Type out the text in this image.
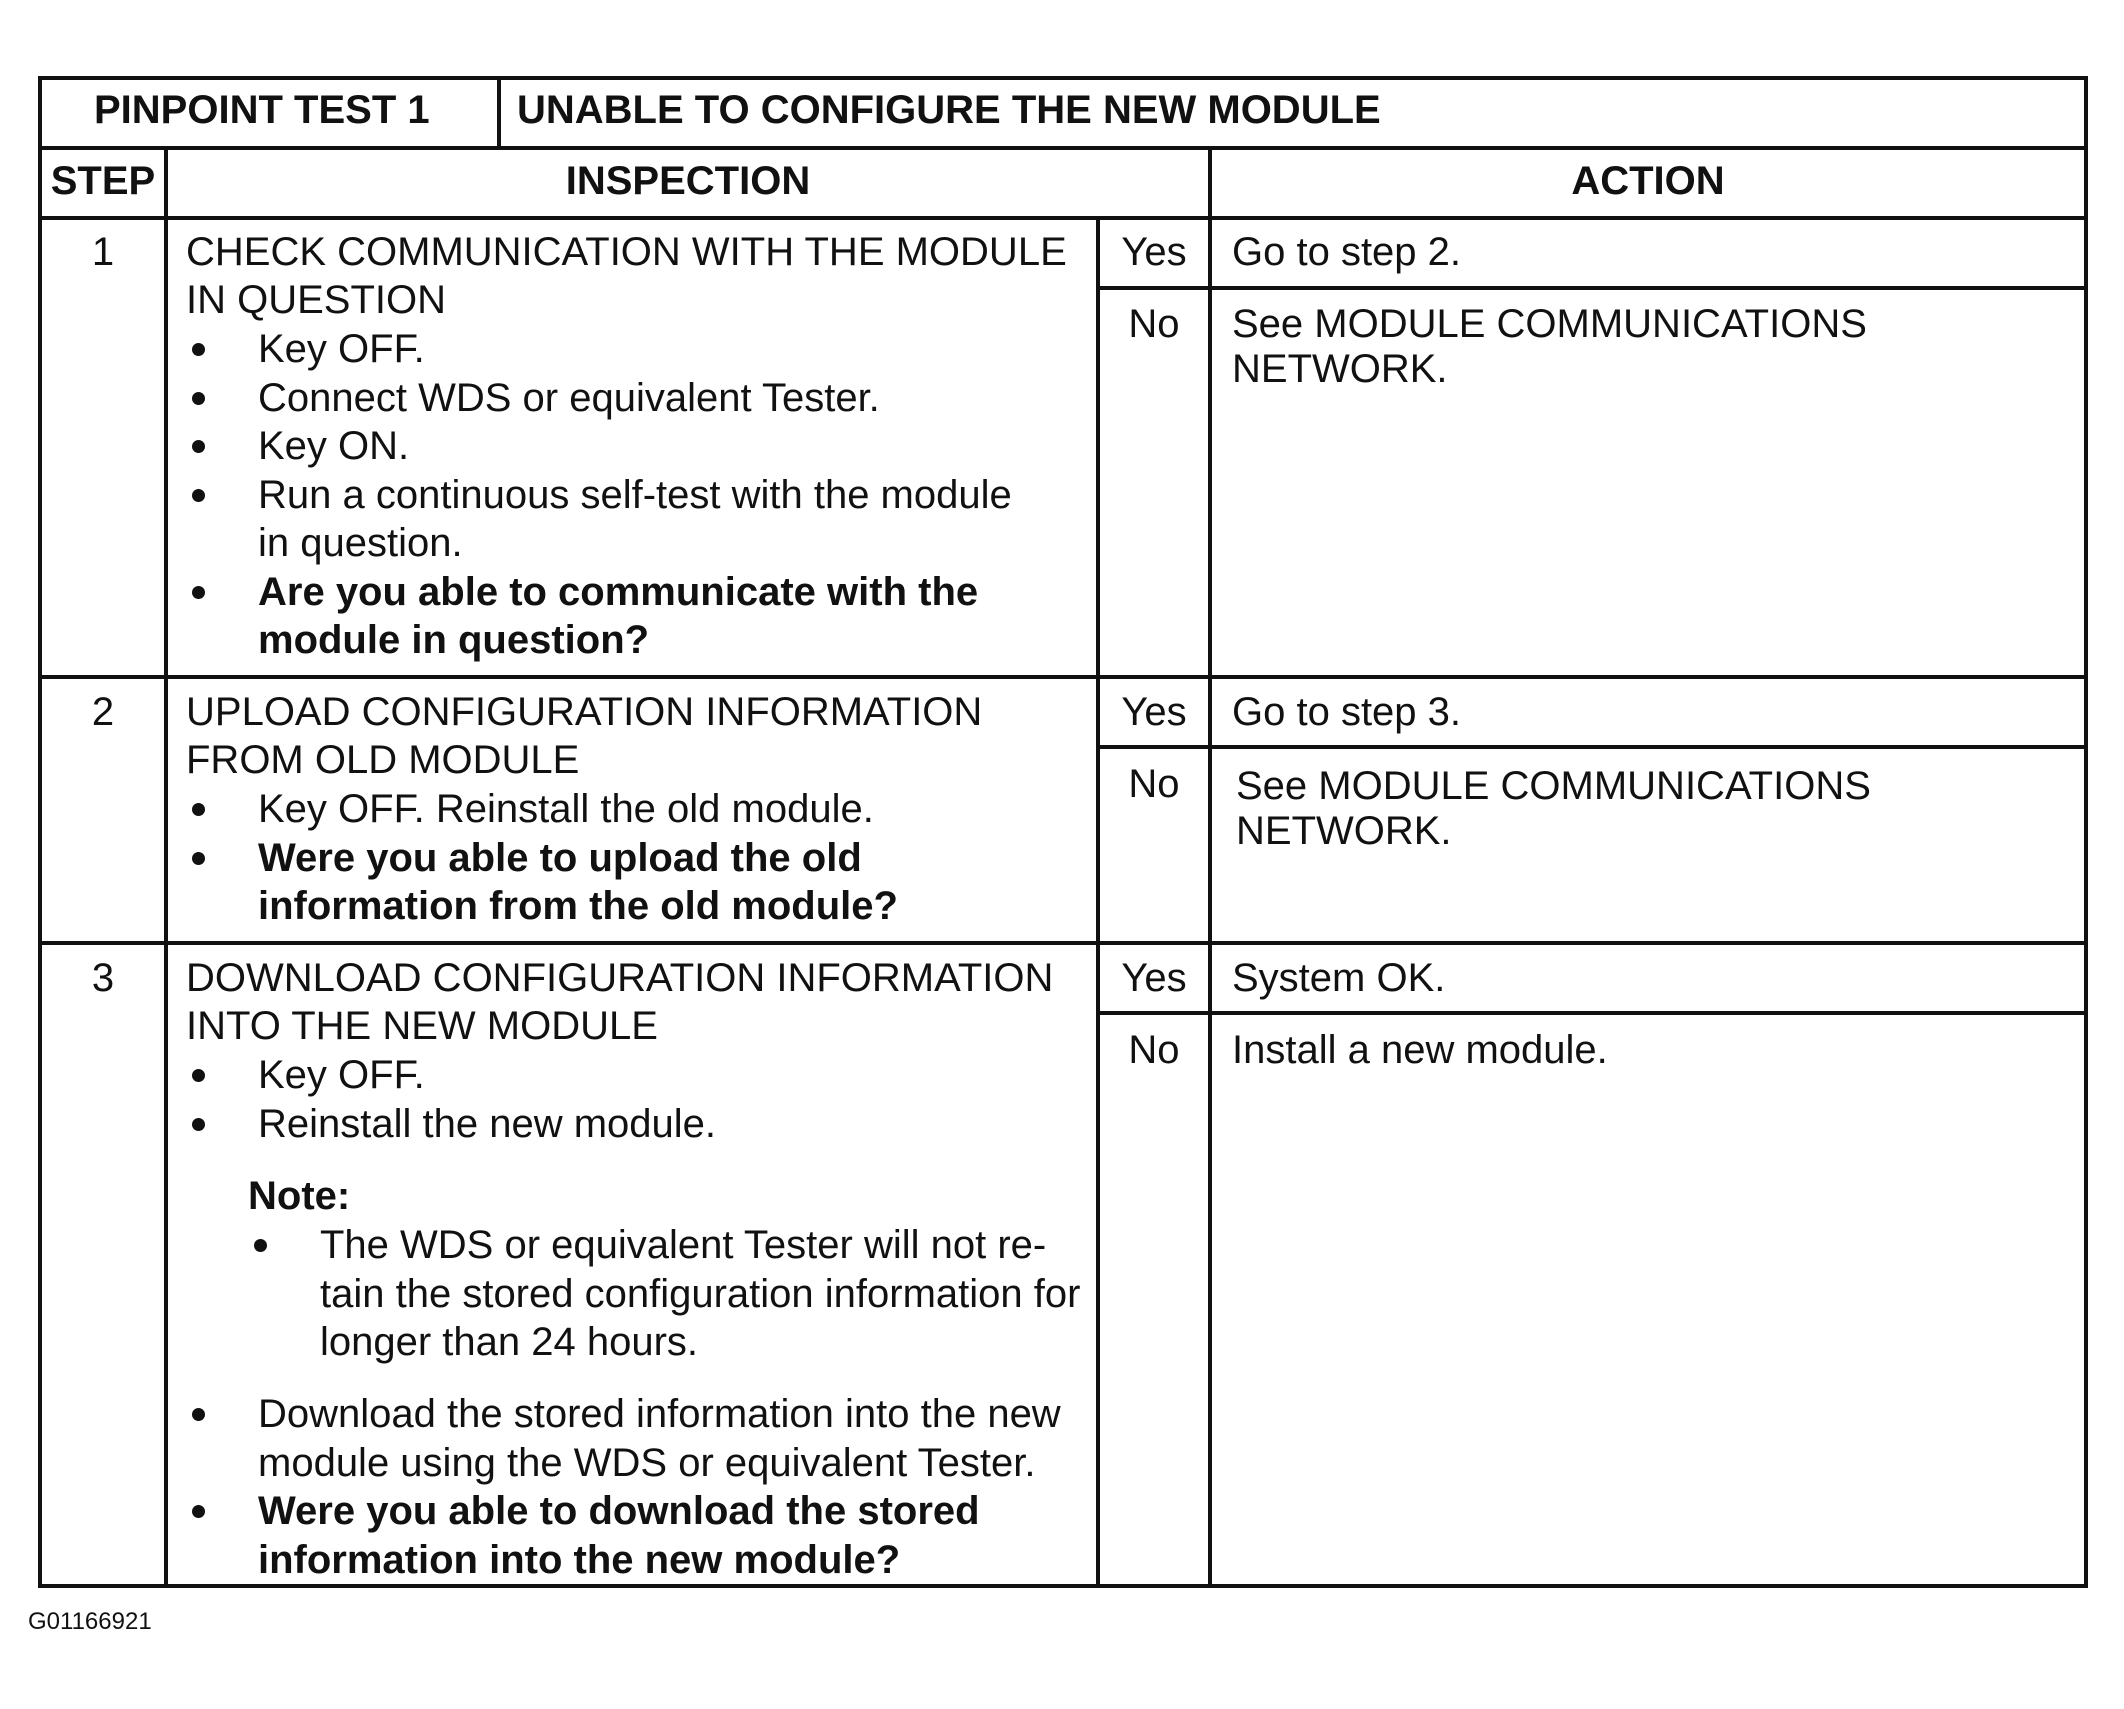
PINPOINT TEST 1 UNABLE TO CONFIGURE THE NEW MODULE
STEP	INSPECTION	ACTION
1	CHECK COMMUNICATION WITH THE MODULE
IN QUESTION
Key OFF.
Connect WDS or equivalent Tester.
Key ON.
Run a continuous self-test with the module
in question.
Are you able to communicate with the
module in question?
Yes	Go to step 2.
No	See MODULE COMMUNICATIONS
NETWORK.
2	UPLOAD CONFIGURATION INFORMATION
FROM OLD MODULE
Key OFF. Reinstall the old module.
Were you able to upload the old
information from the old module?
Yes	Go to step 3.
No	See MODULE COMMUNICATIONS
NETWORK.
3	DOWNLOAD CONFIGURATION INFORMATION
INTO THE NEW MODULE
Key OFF.
Reinstall the new module.
Note:
The WDS or equivalent Tester will not re-
tain the stored configuration information for
longer than 24 hours.
Download the stored information into the new
module using the WDS or equivalent Tester.
Were you able to download the stored
information into the new module?
Yes	System OK.
No	Install a new module.
G01166921
